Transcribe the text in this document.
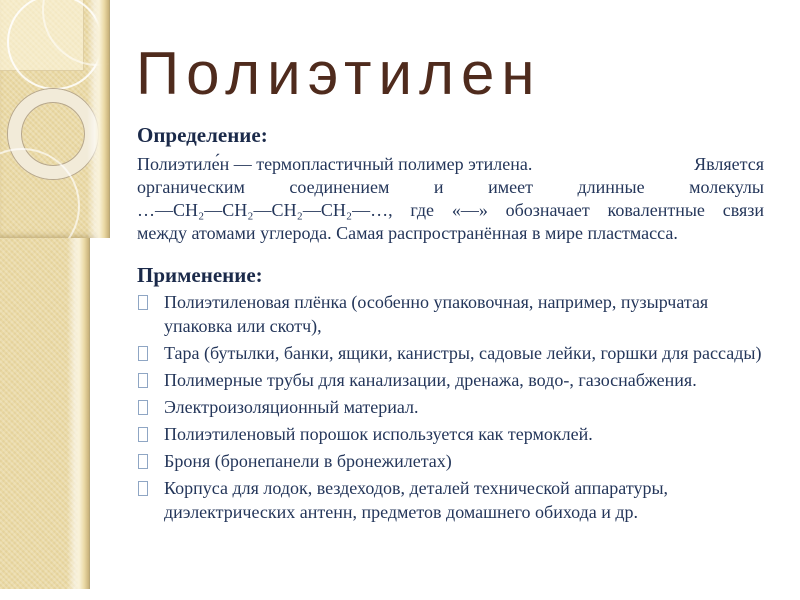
Полиэтилен
Определение:
Полиэтиле́н — термопластичный полимер этилена.	Является
органическим соединением и имеет длинные молекулы
…—CH₂—CH₂—CH₂—CH₂—…, где «—» обозначает ковалентные связи
между атомами углерода. Самая распространённая в мире пластмасса.
Применение:
Полиэтиленовая плёнка (особенно упаковочная, например, пузырчатая упаковка или скотч),
Тара (бутылки, банки, ящики, канистры, садовые лейки, горшки для рассады)
Полимерные трубы для канализации, дренажа, водо-, газоснабжения.
Электроизоляционный материал.
Полиэтиленовый порошок используется как термоклей.
Броня (бронепанели в бронежилетах)
Корпуса для лодок, вездеходов, деталей технической аппаратуры, диэлектрических антенн, предметов домашнего обихода и др.
